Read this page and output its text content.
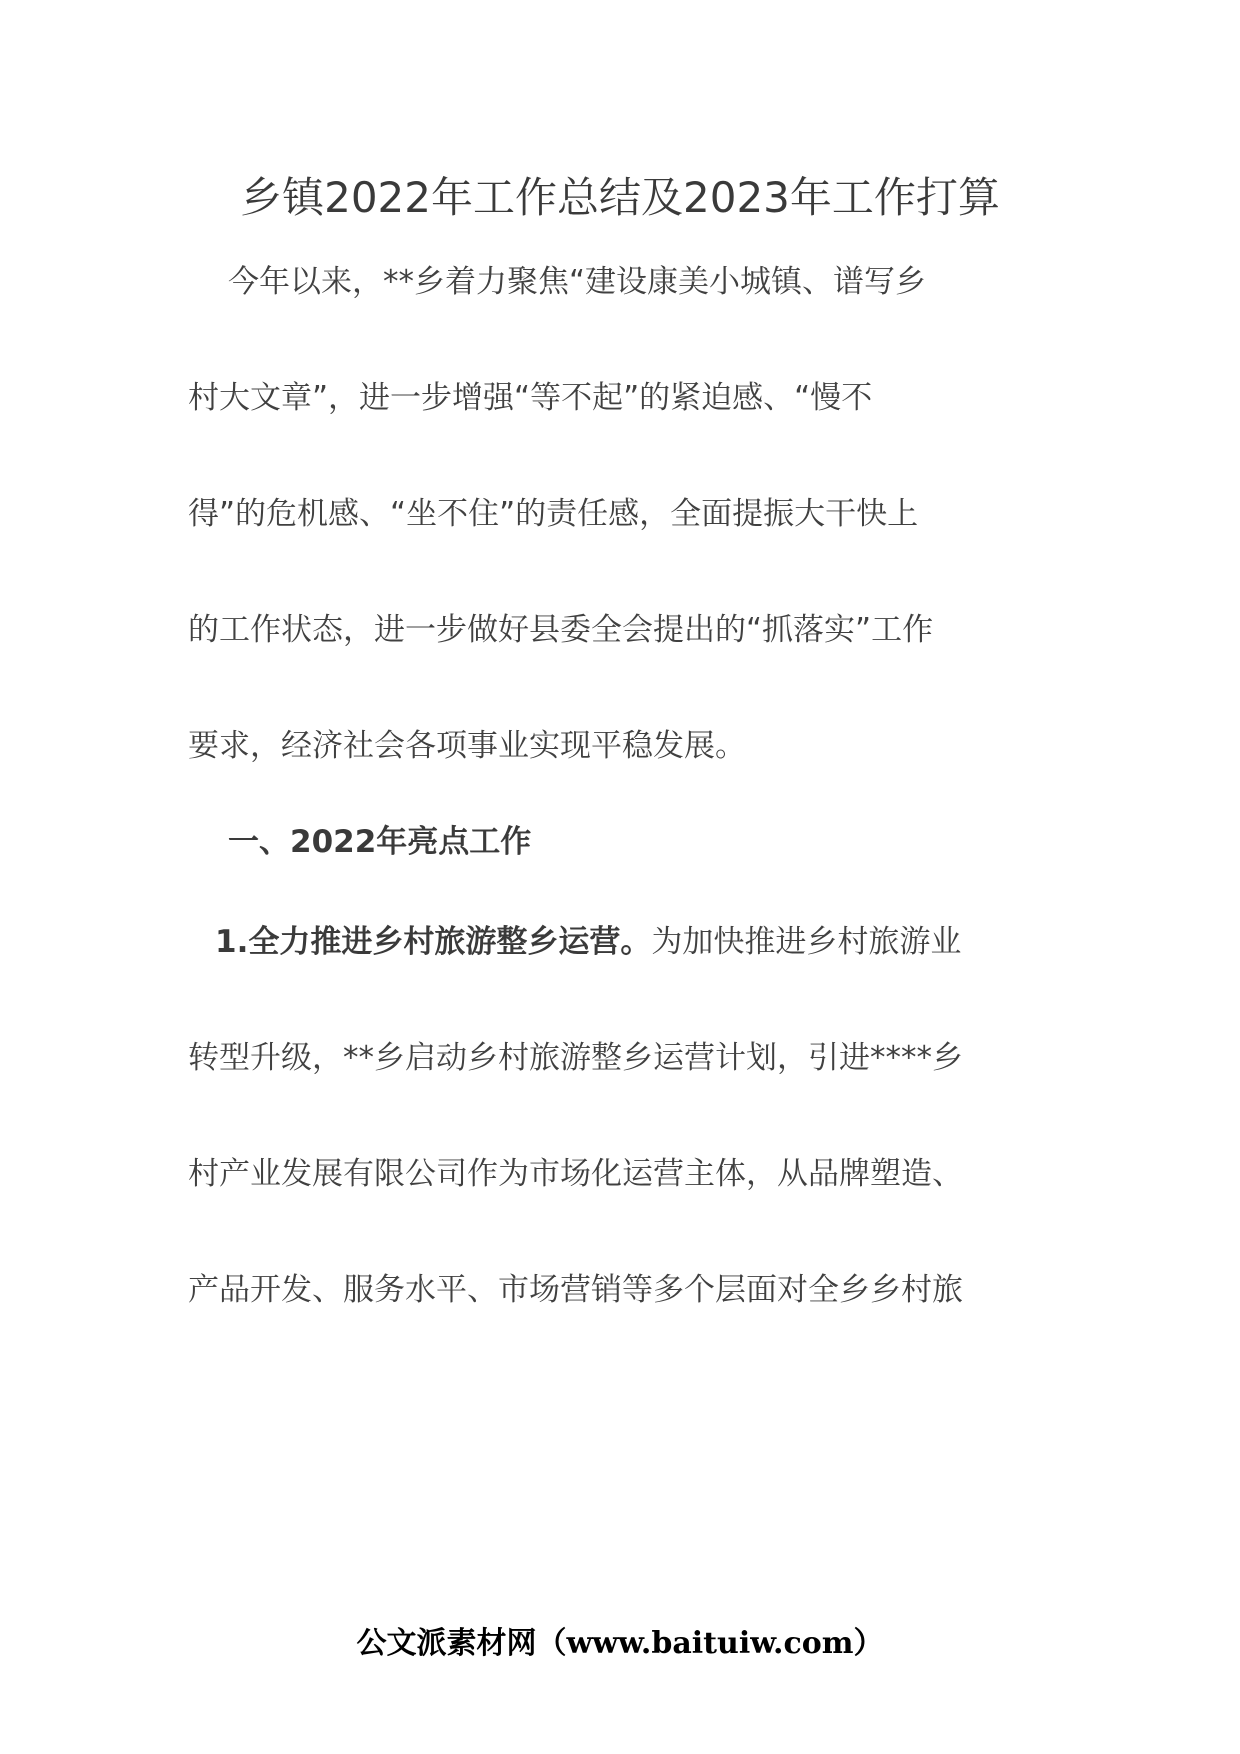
乡镇2022年工作总结及2023年工作打算
今年以来，**乡着力聚焦“建设康美小城镇、谱写乡
村大文章”，进一步增强“等不起”的紧迫感、“慢不
得”的危机感、“坐不住”的责任感，全面提振大干快上
的工作状态，进一步做好县委全会提出的“抓落实”工作
要求，经济社会各项事业实现平稳发展。
一、2022年亮点工作
1.全力推进乡村旅游整乡运营。为加快推进乡村旅游业
转型升级，**乡启动乡村旅游整乡运营计划，引进****乡
村产业发展有限公司作为市场化运营主体，从品牌塑造、
产品开发、服务水平、市场营销等多个层面对全乡乡村旅
公文派素材网（www.baituiw.com）
